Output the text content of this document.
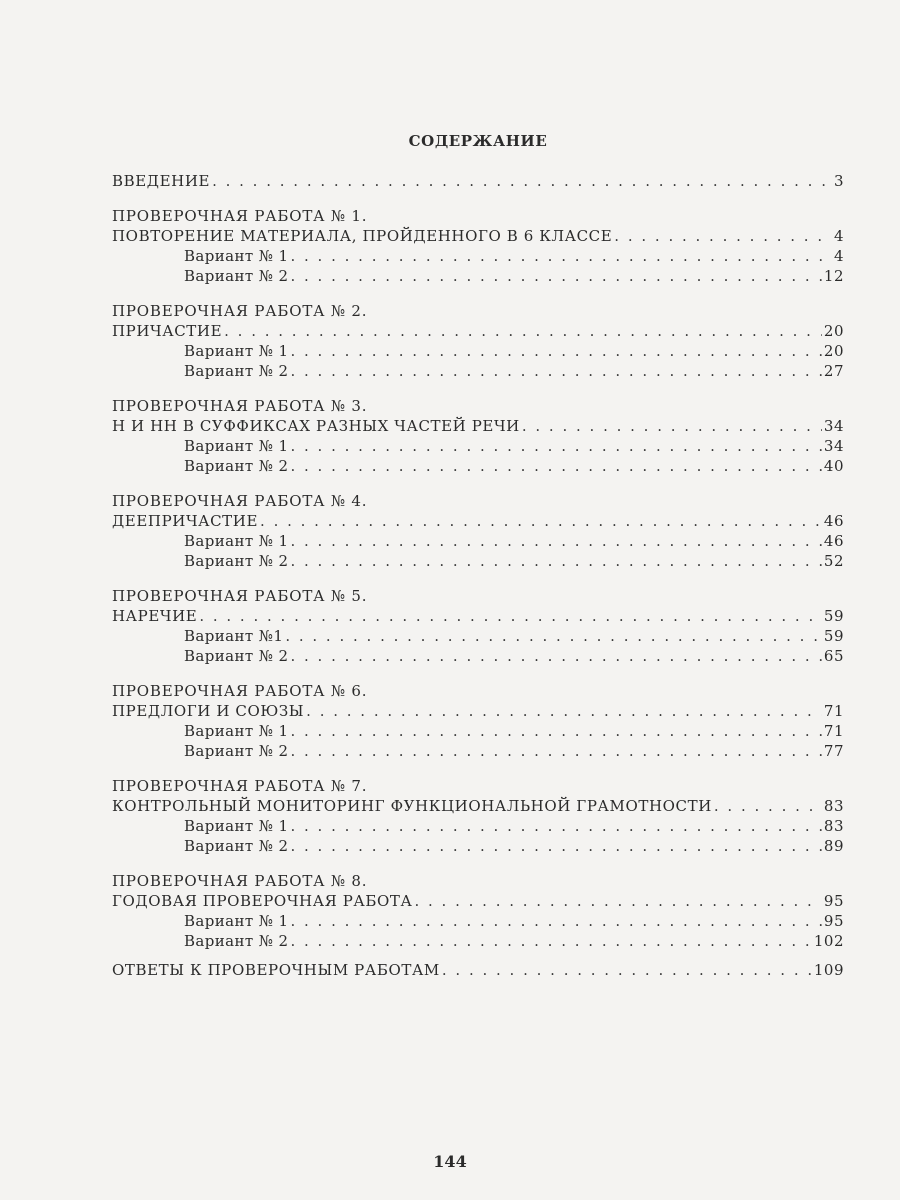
СОДЕРЖАНИЕ
ВВЕДЕНИЕ . . .	3
ПРОВЕРОЧНАЯ РАБОТА № 1.
ПОВТОРЕНИЕ МАТЕРИАЛА, ПРОЙДЕННОГО В 6 КЛАССЕ . . .	4
Вариант № 1 . . .	4
Вариант № 2 . . .	12
ПРОВЕРОЧНАЯ РАБОТА № 2.
ПРИЧАСТИЕ . . .	20
Вариант № 1 . . .	20
Вариант № 2 . . .	27
ПРОВЕРОЧНАЯ РАБОТА № 3.
Н И НН В СУФФИКСАХ РАЗНЫХ ЧАСТЕЙ РЕЧИ . . .	34
Вариант № 1 . . .	34
Вариант № 2 . . .	40
ПРОВЕРОЧНАЯ РАБОТА № 4.
ДЕЕПРИЧАСТИЕ . . .	46
Вариант № 1 . . .	46
Вариант № 2 . . .	52
ПРОВЕРОЧНАЯ РАБОТА № 5.
НАРЕЧИЕ . . .	59
Вариант №1 . . .	59
Вариант № 2 . . .	65
ПРОВЕРОЧНАЯ РАБОТА № 6.
ПРЕДЛОГИ И СОЮЗЫ . . .	71
Вариант № 1 . . .	71
Вариант № 2 . . .	77
ПРОВЕРОЧНАЯ РАБОТА № 7.
КОНТРОЛЬНЫЙ МОНИТОРИНГ ФУНКЦИОНАЛЬНОЙ ГРАМОТНОСТИ . . .	83
Вариант № 1 . . .	83
Вариант № 2 . . .	89
ПРОВЕРОЧНАЯ РАБОТА № 8.
ГОДОВАЯ ПРОВЕРОЧНАЯ РАБОТА . . .	95
Вариант № 1 . . .	95
Вариант № 2 . . .	102
ОТВЕТЫ К ПРОВЕРОЧНЫМ РАБОТАМ . . .	109
144
